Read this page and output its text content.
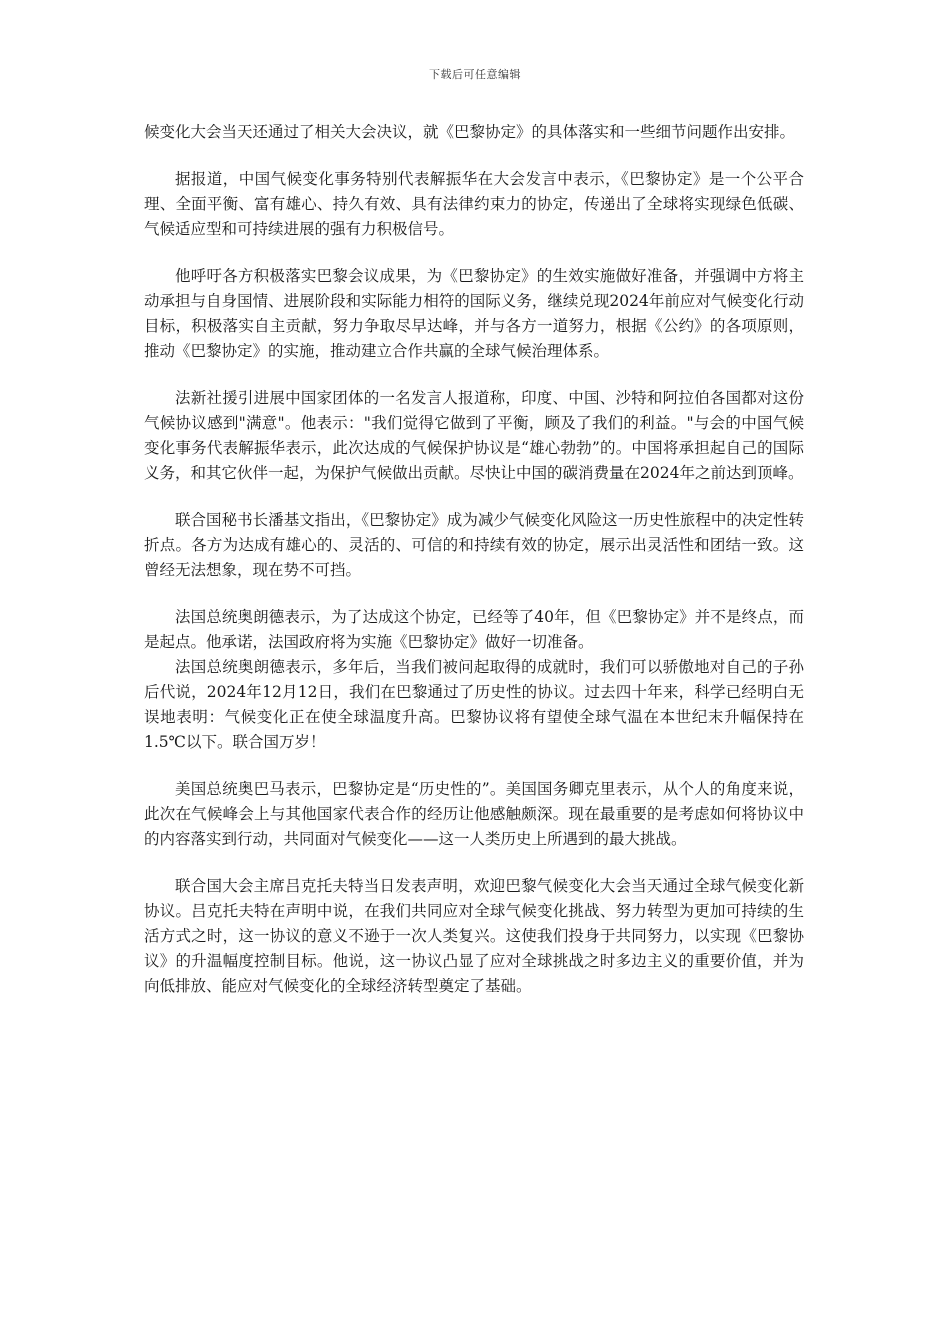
下载后可任意编辑

候变化大会当天还通过了相关大会决议，就《巴黎协定》的具体落实和一些细节问题作出安排。

据报道，中国气候变化事务特别代表解振华在大会发言中表示，《巴黎协定》是一个公平合理、全面平衡、富有雄心、持久有效、具有法律约束力的协定，传递出了全球将实现绿色低碳、气候适应型和可持续进展的强有力积极信号。

他呼吁各方积极落实巴黎会议成果，为《巴黎协定》的生效实施做好准备，并强调中方将主动承担与自身国情、进展阶段和实际能力相符的国际义务，继续兑现2024年前应对气候变化行动目标，积极落实自主贡献，努力争取尽早达峰，并与各方一道努力，根据《公约》的各项原则，推动《巴黎协定》的实施，推动建立合作共赢的全球气候治理体系。

法新社援引进展中国家团体的一名发言人报道称，印度、中国、沙特和阿拉伯各国都对这份气候协议感到"满意"。他表示："我们觉得它做到了平衡，顾及了我们的利益。"与会的中国气候变化事务代表解振华表示，此次达成的气候保护协议是“雄心勃勃”的。中国将承担起自己的国际义务，和其它伙伴一起，为保护气候做出贡献。尽快让中国的碳消费量在2024年之前达到顶峰。

联合国秘书长潘基文指出，《巴黎协定》成为减少气候变化风险这一历史性旅程中的决定性转折点。各方为达成有雄心的、灵活的、可信的和持续有效的协定，展示出灵活性和团结一致。这曾经无法想象，现在势不可挡。

法国总统奥朗德表示，为了达成这个协定，已经等了40年，但《巴黎协定》并不是终点，而是起点。他承诺，法国政府将为实施《巴黎协定》做好一切准备。

法国总统奥朗德表示，多年后，当我们被问起取得的成就时，我们可以骄傲地对自己的子孙后代说，2024年12月12日，我们在巴黎通过了历史性的协议。过去四十年来，科学已经明白无误地表明：气候变化正在使全球温度升高。巴黎协议将有望使全球气温在本世纪末升幅保持在1.5℃以下。联合国万岁！

美国总统奥巴马表示，巴黎协定是“历史性的”。美国国务卿克里表示，从个人的角度来说，此次在气候峰会上与其他国家代表合作的经历让他感触颇深。现在最重要的是考虑如何将协议中的内容落实到行动，共同面对气候变化——这一人类历史上所遇到的最大挑战。

联合国大会主席吕克托夫特当日发表声明，欢迎巴黎气候变化大会当天通过全球气候变化新协议。吕克托夫特在声明中说，在我们共同应对全球气候变化挑战、努力转型为更加可持续的生活方式之时，这一协议的意义不逊于一次人类复兴。这使我们投身于共同努力，以实现《巴黎协议》的升温幅度控制目标。他说，这一协议凸显了应对全球挑战之时多边主义的重要价值，并为向低排放、能应对气候变化的全球经济转型奠定了基础。
